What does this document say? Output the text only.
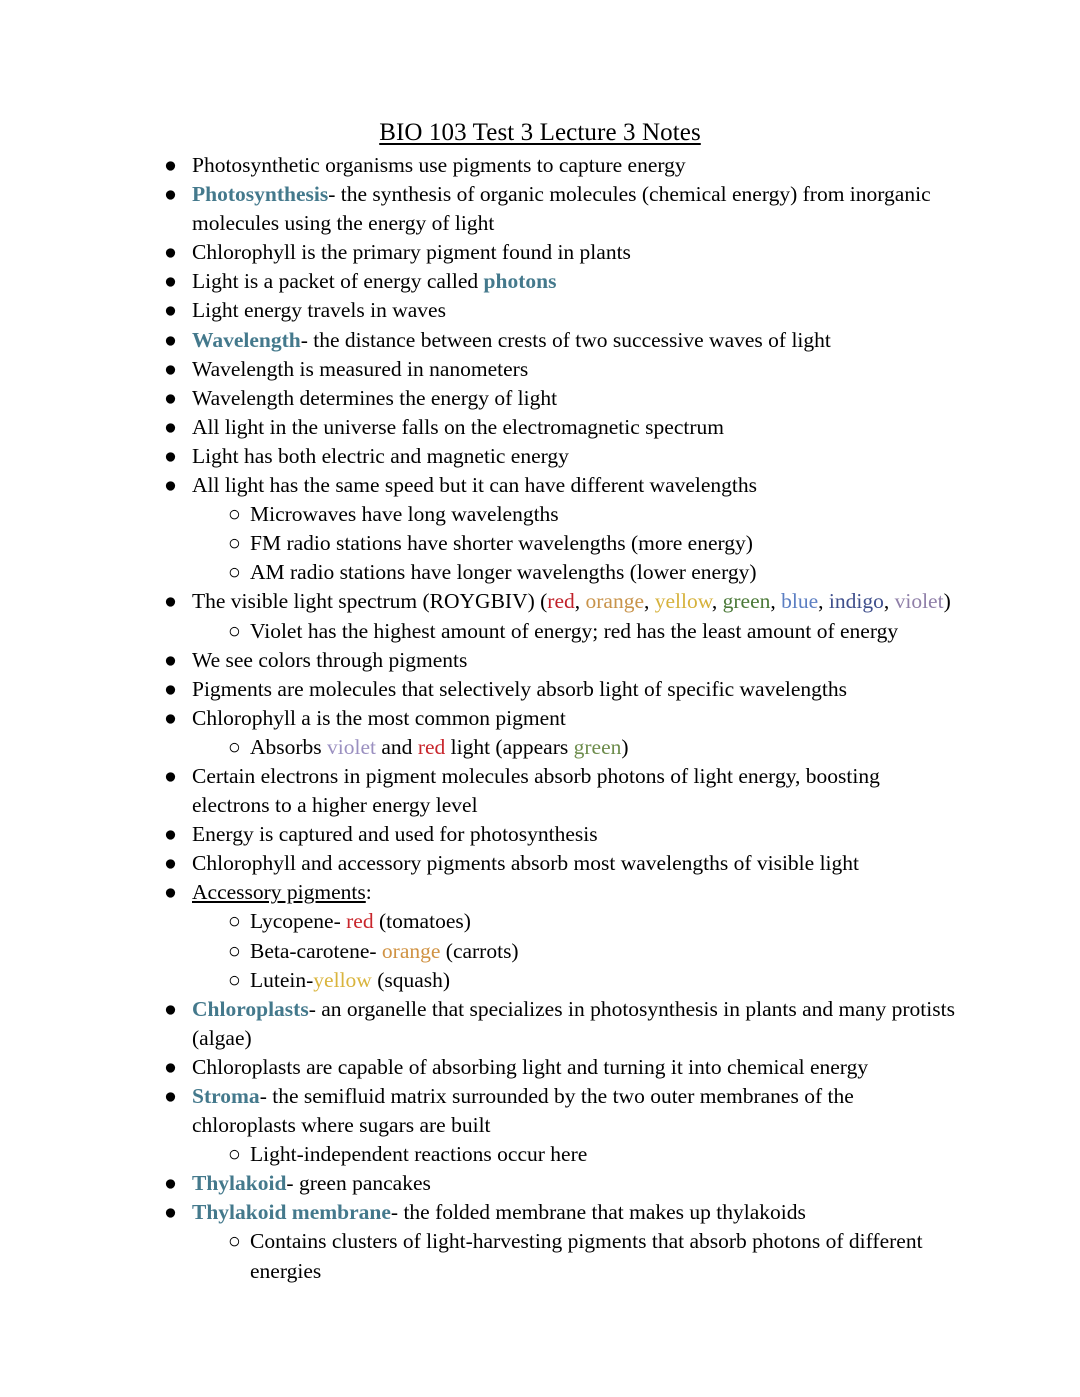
BIO 103 Test 3 Lecture 3 Notes
● Photosynthetic organisms use pigments to capture energy
● Photosynthesis- the synthesis of organic molecules (chemical energy) from inorganic molecules using the energy of light
● Chlorophyll is the primary pigment found in plants
● Light is a packet of energy called photons
● Light energy travels in waves
● Wavelength- the distance between crests of two successive waves of light
● Wavelength is measured in nanometers
● Wavelength determines the energy of light
● All light in the universe falls on the electromagnetic spectrum
● Light has both electric and magnetic energy
● All light has the same speed but it can have different wavelengths
○ Microwaves have long wavelengths
○ FM radio stations have shorter wavelengths (more energy)
○ AM radio stations have longer wavelengths (lower energy)
● The visible light spectrum (ROYGBIV) (red, orange, yellow, green, blue, indigo, violet)
○ Violet has the highest amount of energy; red has the least amount of energy
● We see colors through pigments
● Pigments are molecules that selectively absorb light of specific wavelengths
● Chlorophyll a is the most common pigment
○ Absorbs violet and red light (appears green)
● Certain electrons in pigment molecules absorb photons of light energy, boosting electrons to a higher energy level
● Energy is captured and used for photosynthesis
● Chlorophyll and accessory pigments absorb most wavelengths of visible light
● Accessory pigments:
○ Lycopene- red (tomatoes)
○ Beta-carotene- orange (carrots)
○ Lutein-yellow (squash)
● Chloroplasts- an organelle that specializes in photosynthesis in plants and many protists (algae)
● Chloroplasts are capable of absorbing light and turning it into chemical energy
● Stroma- the semifluid matrix surrounded by the two outer membranes of the chloroplasts where sugars are built
○ Light-independent reactions occur here
● Thylakoid- green pancakes
● Thylakoid membrane- the folded membrane that makes up thylakoids
○ Contains clusters of light-harvesting pigments that absorb photons of different energies
